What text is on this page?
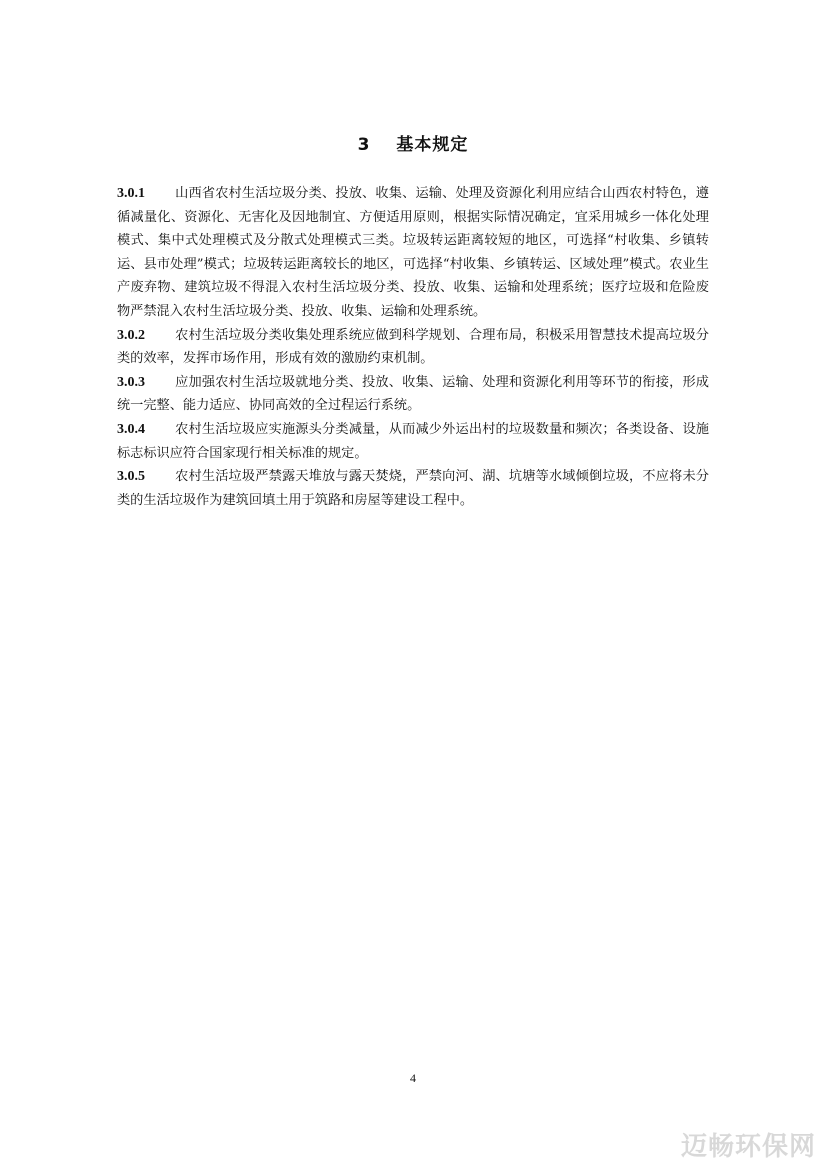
3 基本规定

3.0.1 山西省农村生活垃圾分类、投放、收集、运输、处理及资源化利用应结合山西农村特色，遵循减量化、资源化、无害化及因地制宜、方便适用原则，根据实际情况确定，宜采用城乡一体化处理模式、集中式处理模式及分散式处理模式三类。垃圾转运距离较短的地区，可选择“村收集、乡镇转运、县市处理”模式；垃圾转运距离较长的地区，可选择“村收集、乡镇转运、区域处理”模式。农业生产废弃物、建筑垃圾不得混入农村生活垃圾分类、投放、收集、运输和处理系统；医疗垃圾和危险废物严禁混入农村生活垃圾分类、投放、收集、运输和处理系统。

3.0.2 农村生活垃圾分类收集处理系统应做到科学规划、合理布局，积极采用智慧技术提高垃圾分类的效率，发挥市场作用，形成有效的激励约束机制。

3.0.3 应加强农村生活垃圾就地分类、投放、收集、运输、处理和资源化利用等环节的衔接，形成统一完整、能力适应、协同高效的全过程运行系统。

3.0.4 农村生活垃圾应实施源头分类减量，从而减少外运出村的垃圾数量和频次；各类设备、设施标志标识应符合国家现行相关标准的规定。

3.0.5 农村生活垃圾严禁露天堆放与露天焚烧，严禁向河、湖、坑塘等水域倾倒垃圾，不应将未分类的生活垃圾作为建筑回填土用于筑路和房屋等建设工程中。

4
迈畅环保网
